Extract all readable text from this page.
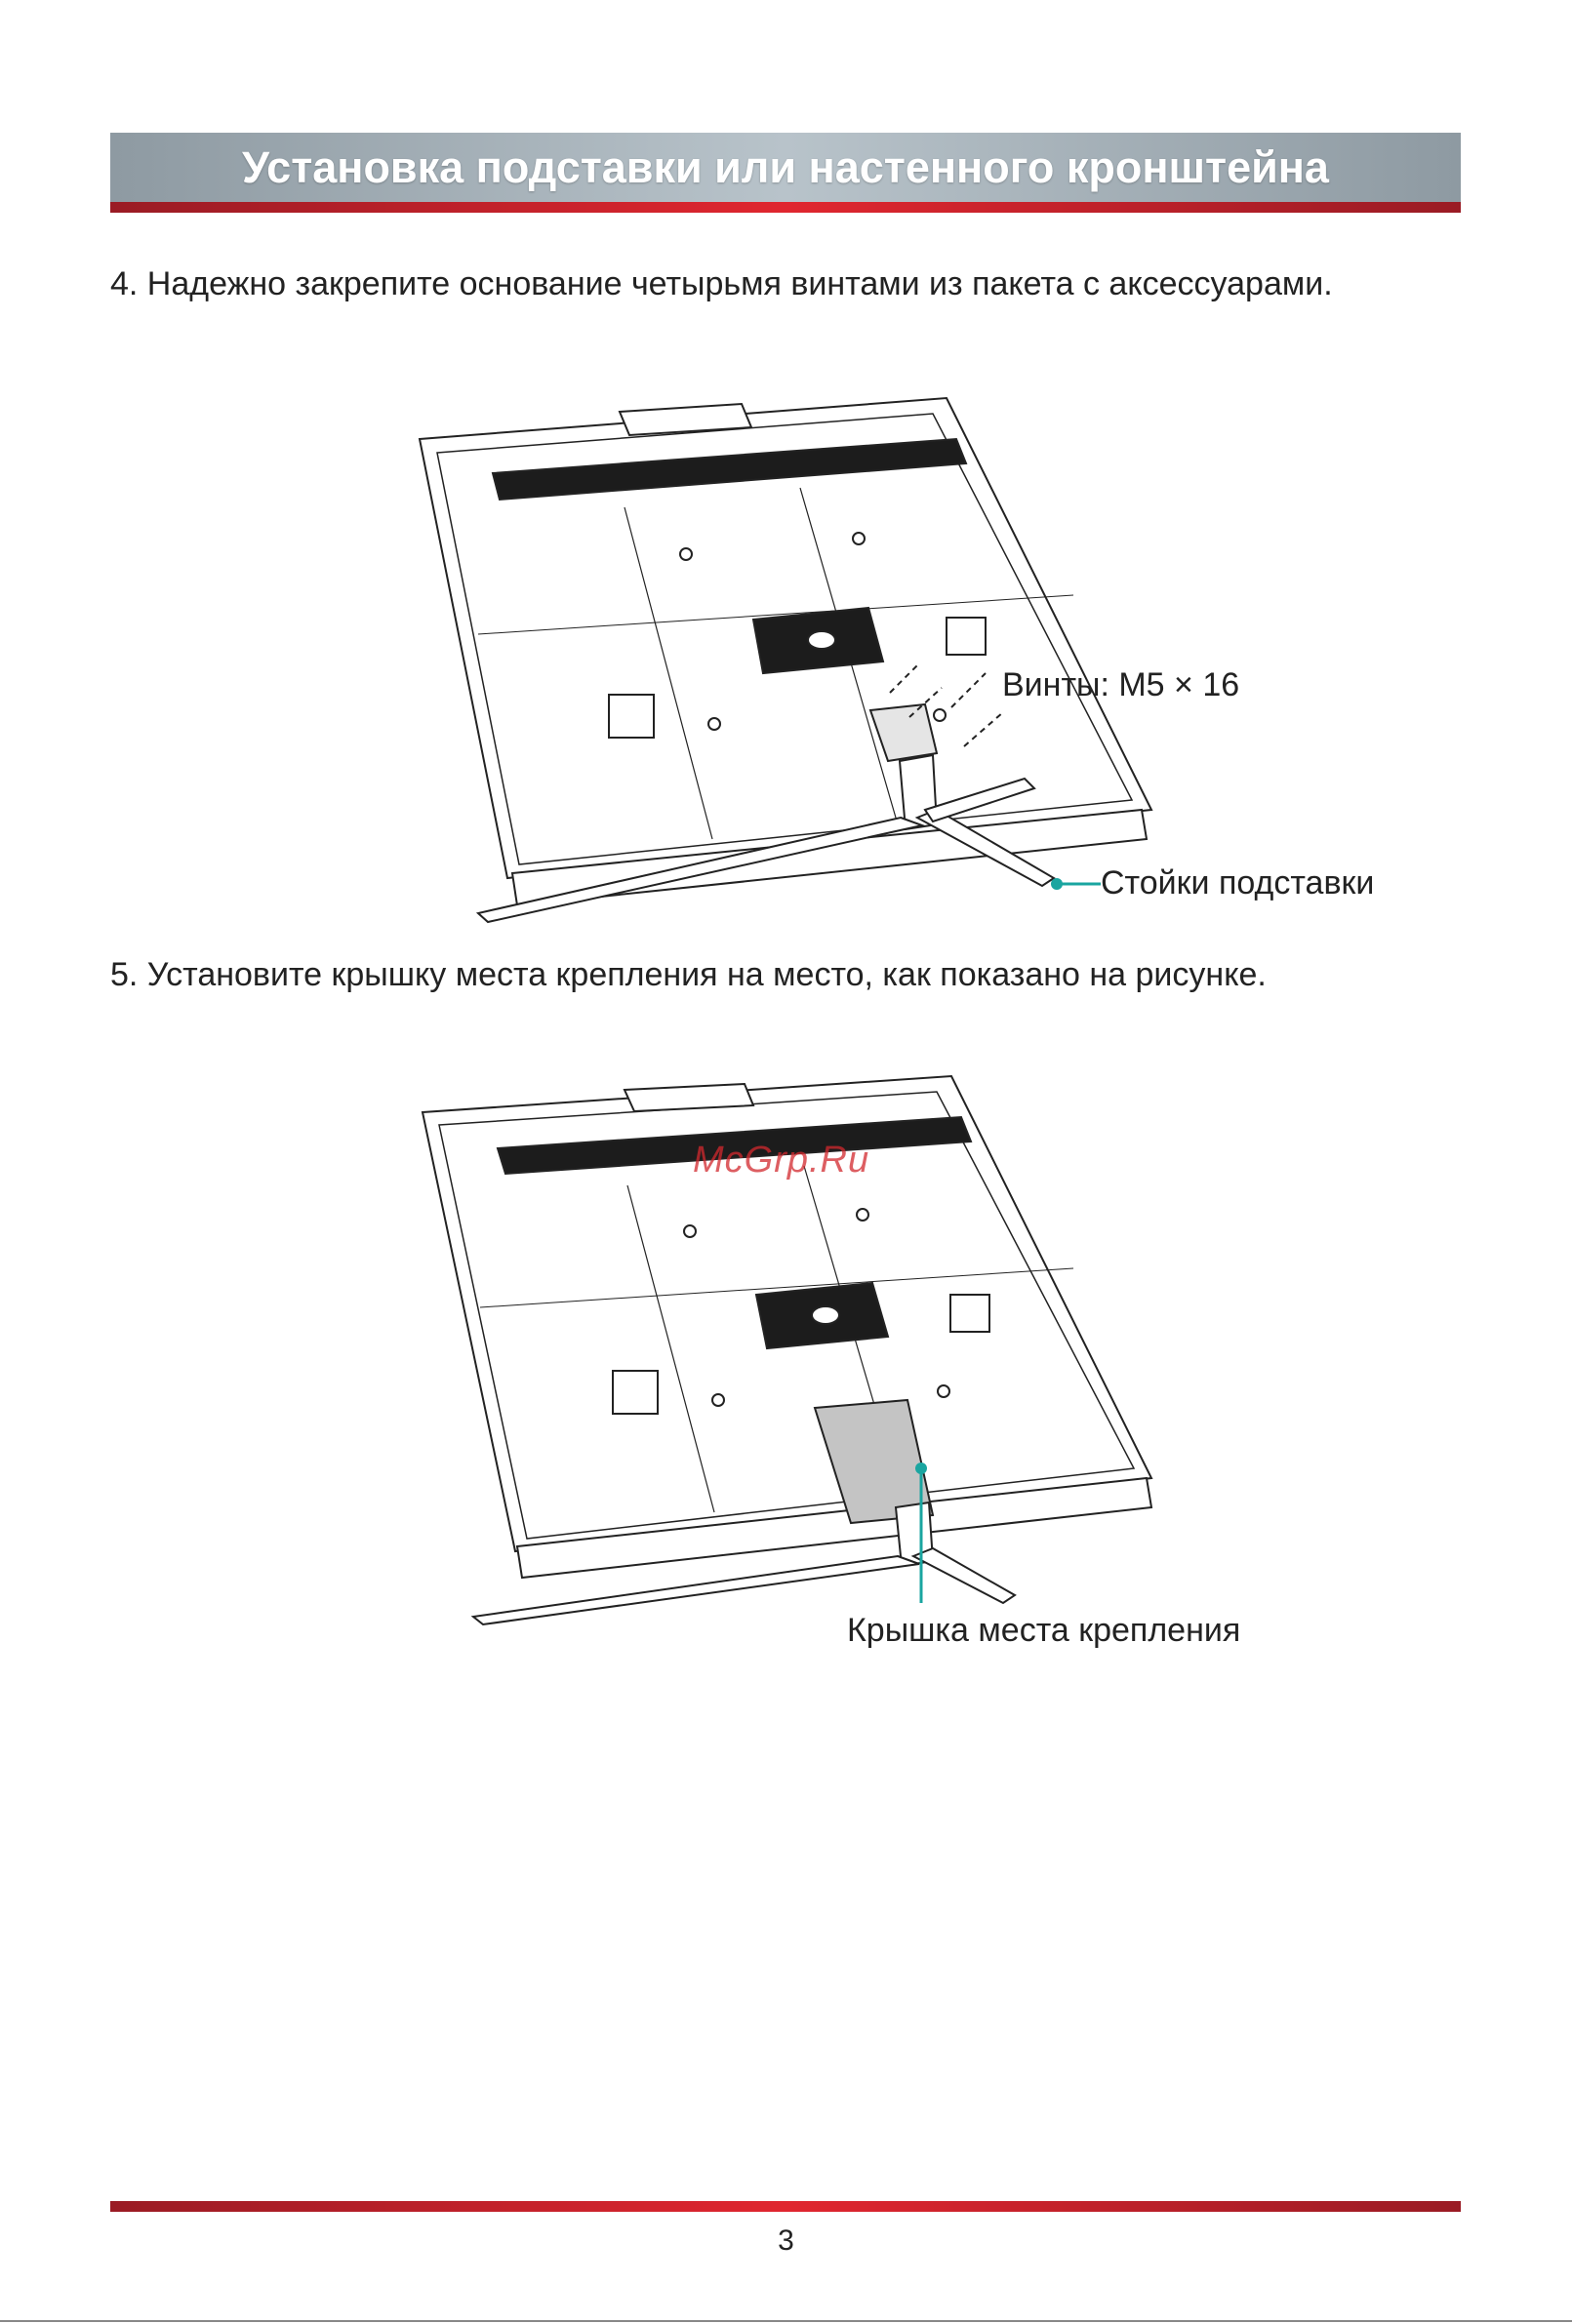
Установка подставки или настенного кронштейна
4. Надежно закрепите основание четырьмя винтами из пакета с аксессуарами.
Винты: M5 × 16
Стойки подставки
5. Установите крышку места крепления на место, как показано на рисунке.
McGrp.Ru
Крышка места крепления
3
